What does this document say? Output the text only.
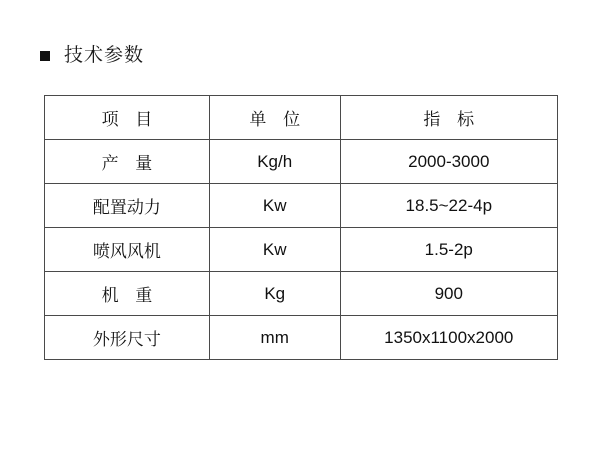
技术参数
项 目	单 位	指 标
产 量	Kg/h	2000-3000
配置动力	Kw	18.5~22-4p
喷风风机	Kw	1.5-2p
机 重	Kg	900
外形尺寸	mm	1350x1100x2000
